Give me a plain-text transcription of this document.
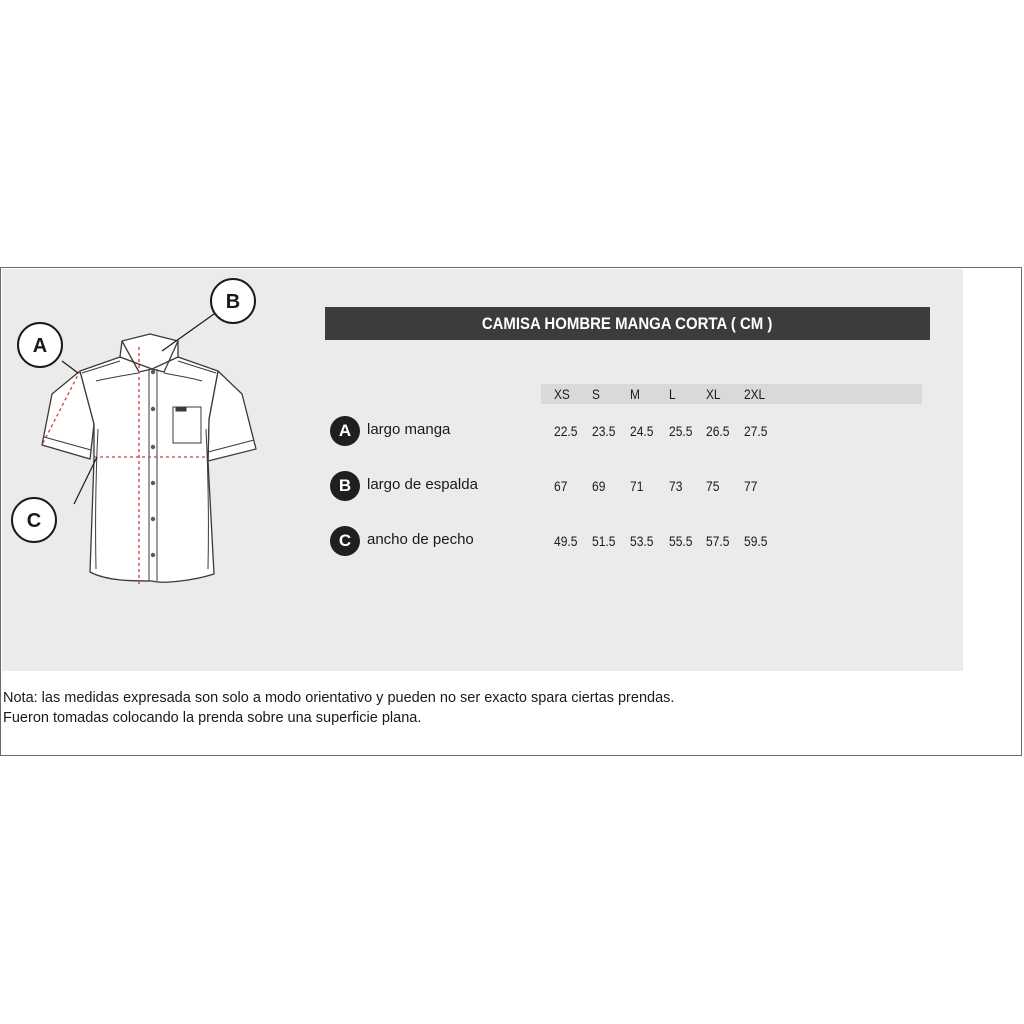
A
B
C
CAMISA HOMBRE MANGA CORTA ( CM )
XS	S	M	L	XL	2XL
A largo manga	22.5	23.5	24.5	25.5 26.5	27.5
B largo de espalda	67	69	71	73	75	77
C ancho de pecho	49.5	51.5	53.5	55.5 57.5	59.5
Nota: las medidas expresada son solo a modo orientativo y pueden no ser exacto spara ciertas prendas.
Fueron tomadas colocando la prenda sobre una superficie plana.
